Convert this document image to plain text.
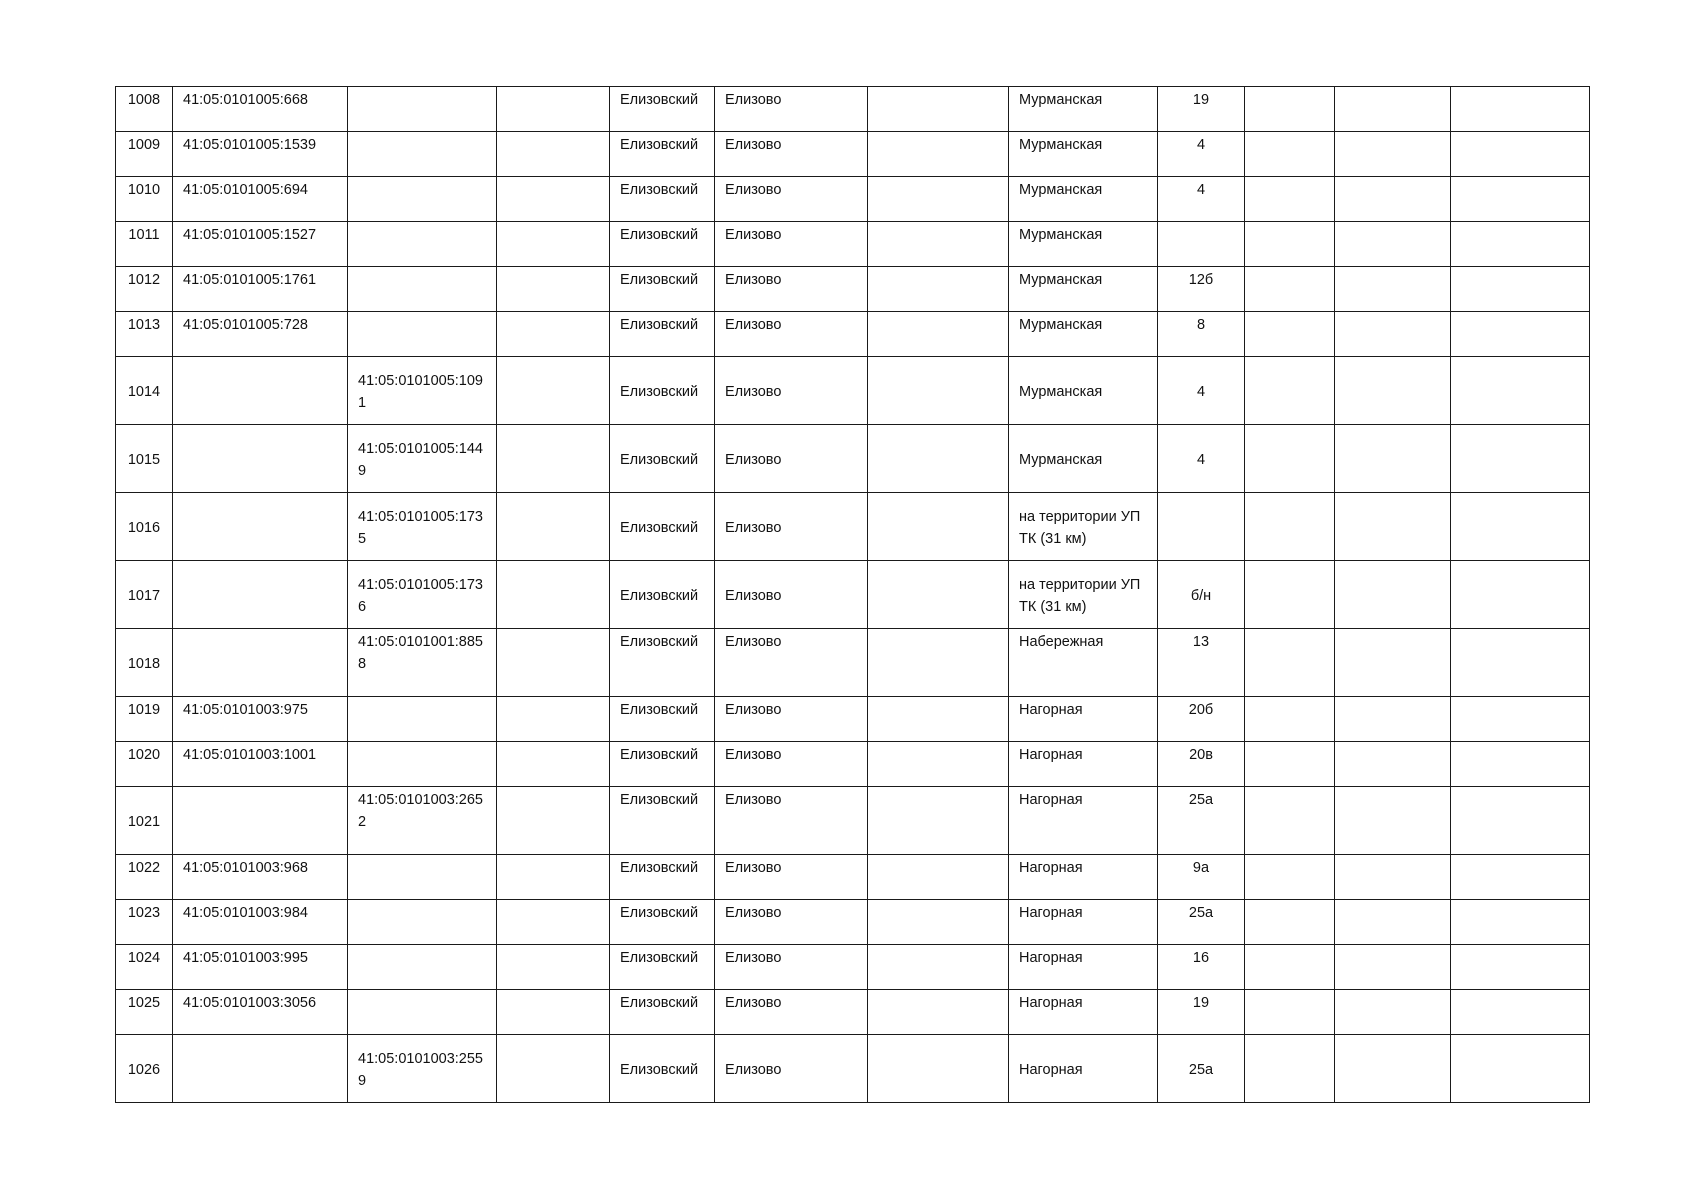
1008	41:05:0101005:668			Елизовский	Елизово		Мурманская	19			
1009	41:05:0101005:1539			Елизовский	Елизово		Мурманская	4			
1010	41:05:0101005:694			Елизовский	Елизово		Мурманская	4			
1011	41:05:0101005:1527			Елизовский	Елизово		Мурманская				
1012	41:05:0101005:1761			Елизовский	Елизово		Мурманская	12б			
1013	41:05:0101005:728			Елизовский	Елизово		Мурманская	8			
1014		41:05:0101005:1091		Елизовский	Елизово		Мурманская	4			
1015		41:05:0101005:1449		Елизовский	Елизово		Мурманская	4			
1016		41:05:0101005:1735		Елизовский	Елизово		на территории УПТК (31 км)				
1017		41:05:0101005:1736		Елизовский	Елизово		на территории УПТК (31 км)	б/н			
1018		41:05:0101001:8858		Елизовский	Елизово		Набережная	13			
1019	41:05:0101003:975			Елизовский	Елизово		Нагорная	20б			
1020	41:05:0101003:1001			Елизовский	Елизово		Нагорная	20в			
1021		41:05:0101003:2652		Елизовский	Елизово		Нагорная	25а			
1022	41:05:0101003:968			Елизовский	Елизово		Нагорная	9а			
1023	41:05:0101003:984			Елизовский	Елизово		Нагорная	25а			
1024	41:05:0101003:995			Елизовский	Елизово		Нагорная	16			
1025	41:05:0101003:3056			Елизовский	Елизово		Нагорная	19			
1026		41:05:0101003:2559		Елизовский	Елизово		Нагорная	25а			
